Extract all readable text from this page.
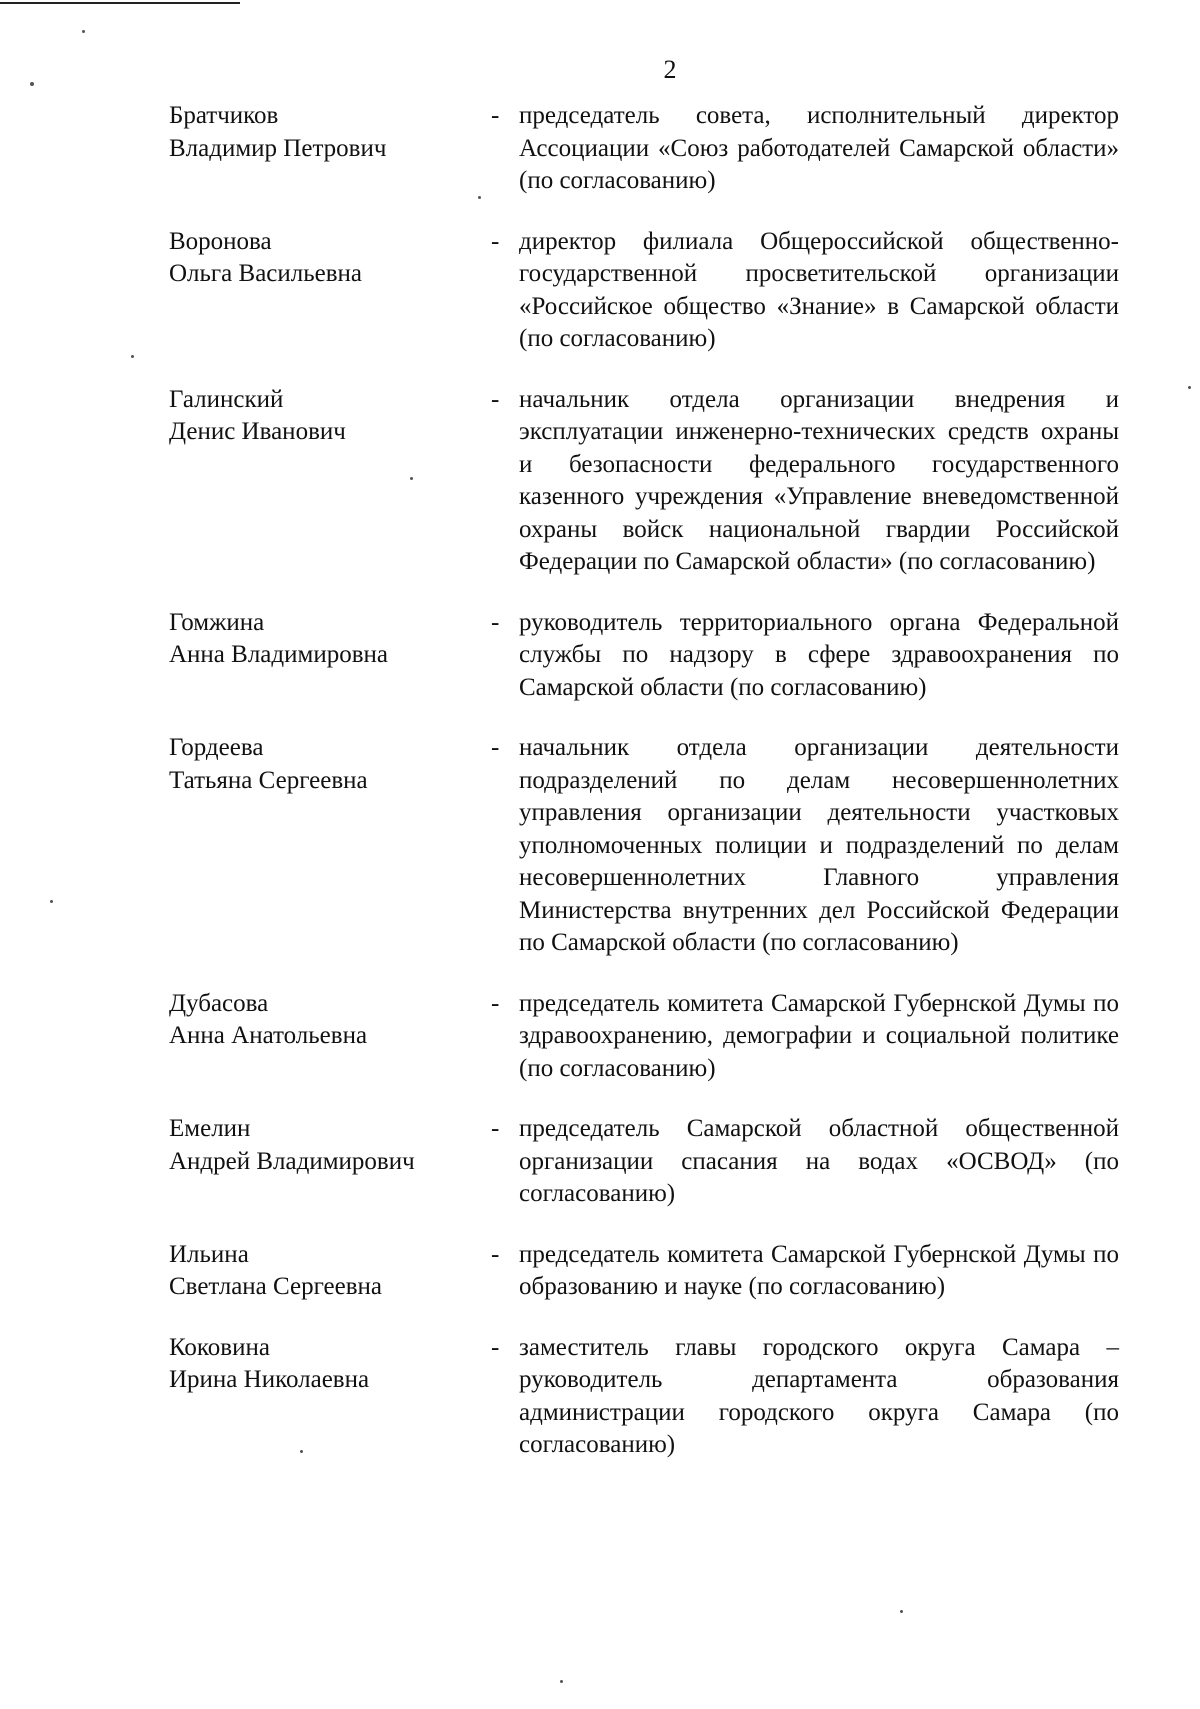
2
Братчиков
Владимир Петрович
- председатель совета, исполнительный директор Ассоциации «Союз работодателей Самарской области» (по согласованию)
Воронова
Ольга Васильевна
- директор филиала Общероссийской общественно-государственной просветительской организации «Российское общество «Знание» в Самарской области (по согласованию)
Галинский
Денис Иванович
- начальник отдела организации внедрения и эксплуатации инженерно-технических средств охраны и безопасности федерального государственного казенного учреждения «Управление вневедомственной охраны войск национальной гвардии Российской Федерации по Самарской области» (по согласованию)
Гомжина
Анна Владимировна
- руководитель территориального органа Федеральной службы по надзору в сфере здравоохранения по Самарской области (по согласованию)
Гордеева
Татьяна Сергеевна
- начальник отдела организации деятельности подразделений по делам несовершеннолетних управления организации деятельности участковых уполномоченных полиции и подразделений по делам несовершеннолетних Главного управления Министерства внутренних дел Российской Федерации по Самарской области (по согласованию)
Дубасова
Анна Анатольевна
- председатель комитета Самарской Губернской Думы по здравоохранению, демографии и социальной политике (по согласованию)
Емелин
Андрей Владимирович
- председатель Самарской областной общественной организации спасания на водах «ОСВОД» (по согласованию)
Ильина
Светлана Сергеевна
- председатель комитета Самарской Губернской Думы по образованию и науке (по согласованию)
Коковина
Ирина Николаевна
- заместитель главы городского округа Самара – руководитель департамента образования администрации городского округа Самара (по согласованию)
